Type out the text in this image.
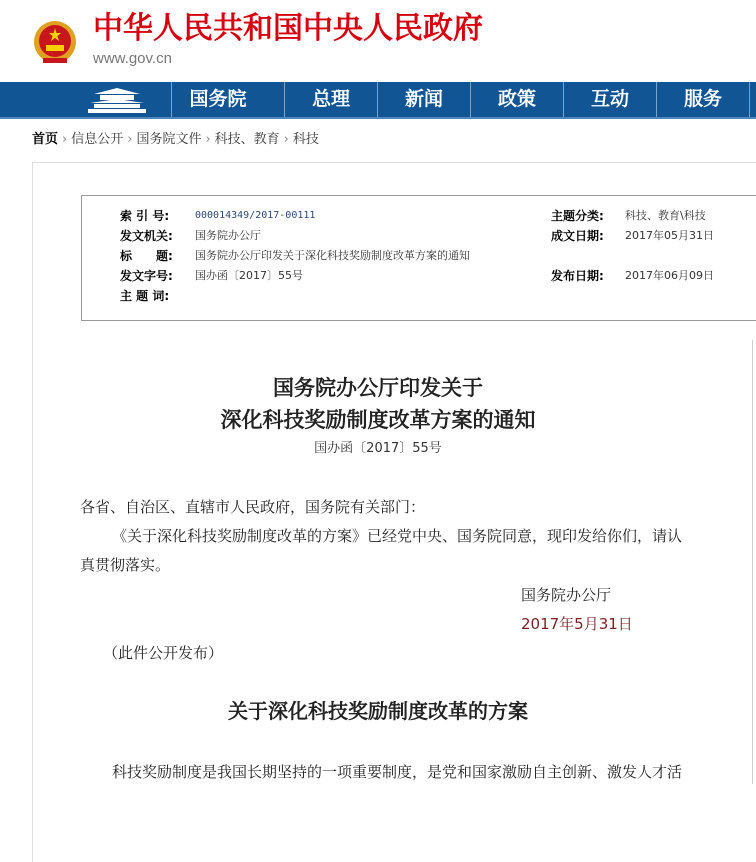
中华人民共和国中央人民政府
www.gov.cn
国务院	总理	新闻	政策	互动	服务
首页 › 信息公开 › 国务院文件 › 科技、教育 › 科技
索 引 号:	000014349/2017-00111	主题分类: 科技、教育\科技
发文机关: 国务院办公厅	成文日期: 2017年05月31日
标　　题: 国务院办公厅印发关于深化科技奖励制度改革方案的通知
发文字号: 国办函〔2017〕55号	发布日期: 2017年06月09日
主 题 词:
国务院办公厅印发关于
深化科技奖励制度改革方案的通知
国办函〔2017〕55号
各省、自治区、直辖市人民政府，国务院有关部门：
《关于深化科技奖励制度改革的方案》已经党中央、国务院同意，现印发给你们，请认
真贯彻落实。
国务院办公厅
2017年5月31日
（此件公开发布）
关于深化科技奖励制度改革的方案
科技奖励制度是我国长期坚持的一项重要制度，是党和国家激励自主创新、激发人才活
